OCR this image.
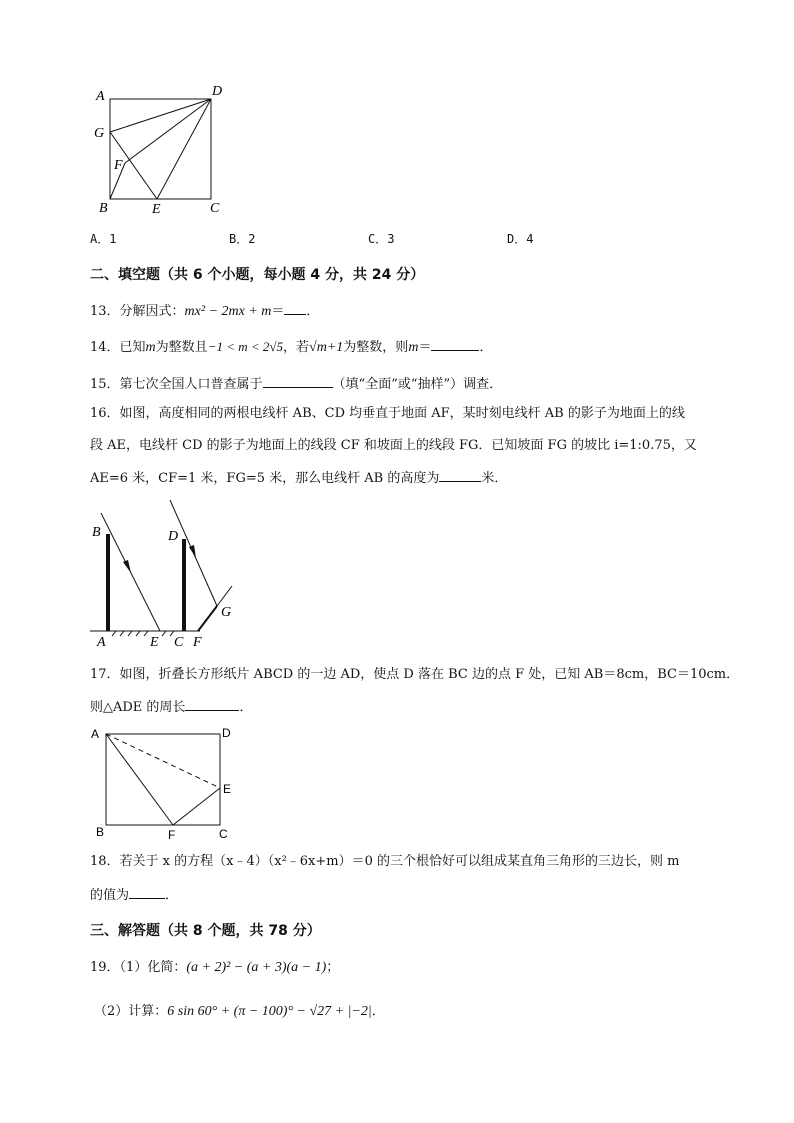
A	D
G
F
B	E	C
A．1	B．2	C．3	D．4
二、填空题（共 6 个小题，每小题 4 分，共 24 分）
13．分解因式：mx² − 2mx + m＝ ．
14．已知m为整数且−1 < m < 2√5，若√m+1为整数，则m＝	．
15．第七次全国人口普查属于	（填“全面”或“抽样”）调查．
16．如图，高度相同的两根电线杆 AB、CD 均垂直于地面 AF，某时刻电线杆 AB 的影子为地面上的线
段 AE，电线杆 CD 的影子为地面上的线段 CF 和坡面上的线段 FG．已知坡面 FG 的坡比 i=1:0.75，又
AE=6 米，CF=1 米，FG=5 米，那么电线杆 AB 的高度为	米．
B	D
A	E C F
G
17．如图，折叠长方形纸片 ABCD 的一边 AD，使点 D 落在 BC 边的点 F 处，已知 AB＝8cm，BC＝10cm．
则△ADE 的周长	．
A	D
E
B	F	C
18．若关于 x 的方程（x﹣4）（x²﹣6x+m）＝0 的三个根恰好可以组成某直角三角形的三边长，则 m
的值为	．
三、解答题（共 8 个题，共 78 分）
19．（1）化简：(a + 2)² − (a + 3)(a − 1)；
（2）计算：6 sin 60° + (π − 100)° − √27 + |−2|．
